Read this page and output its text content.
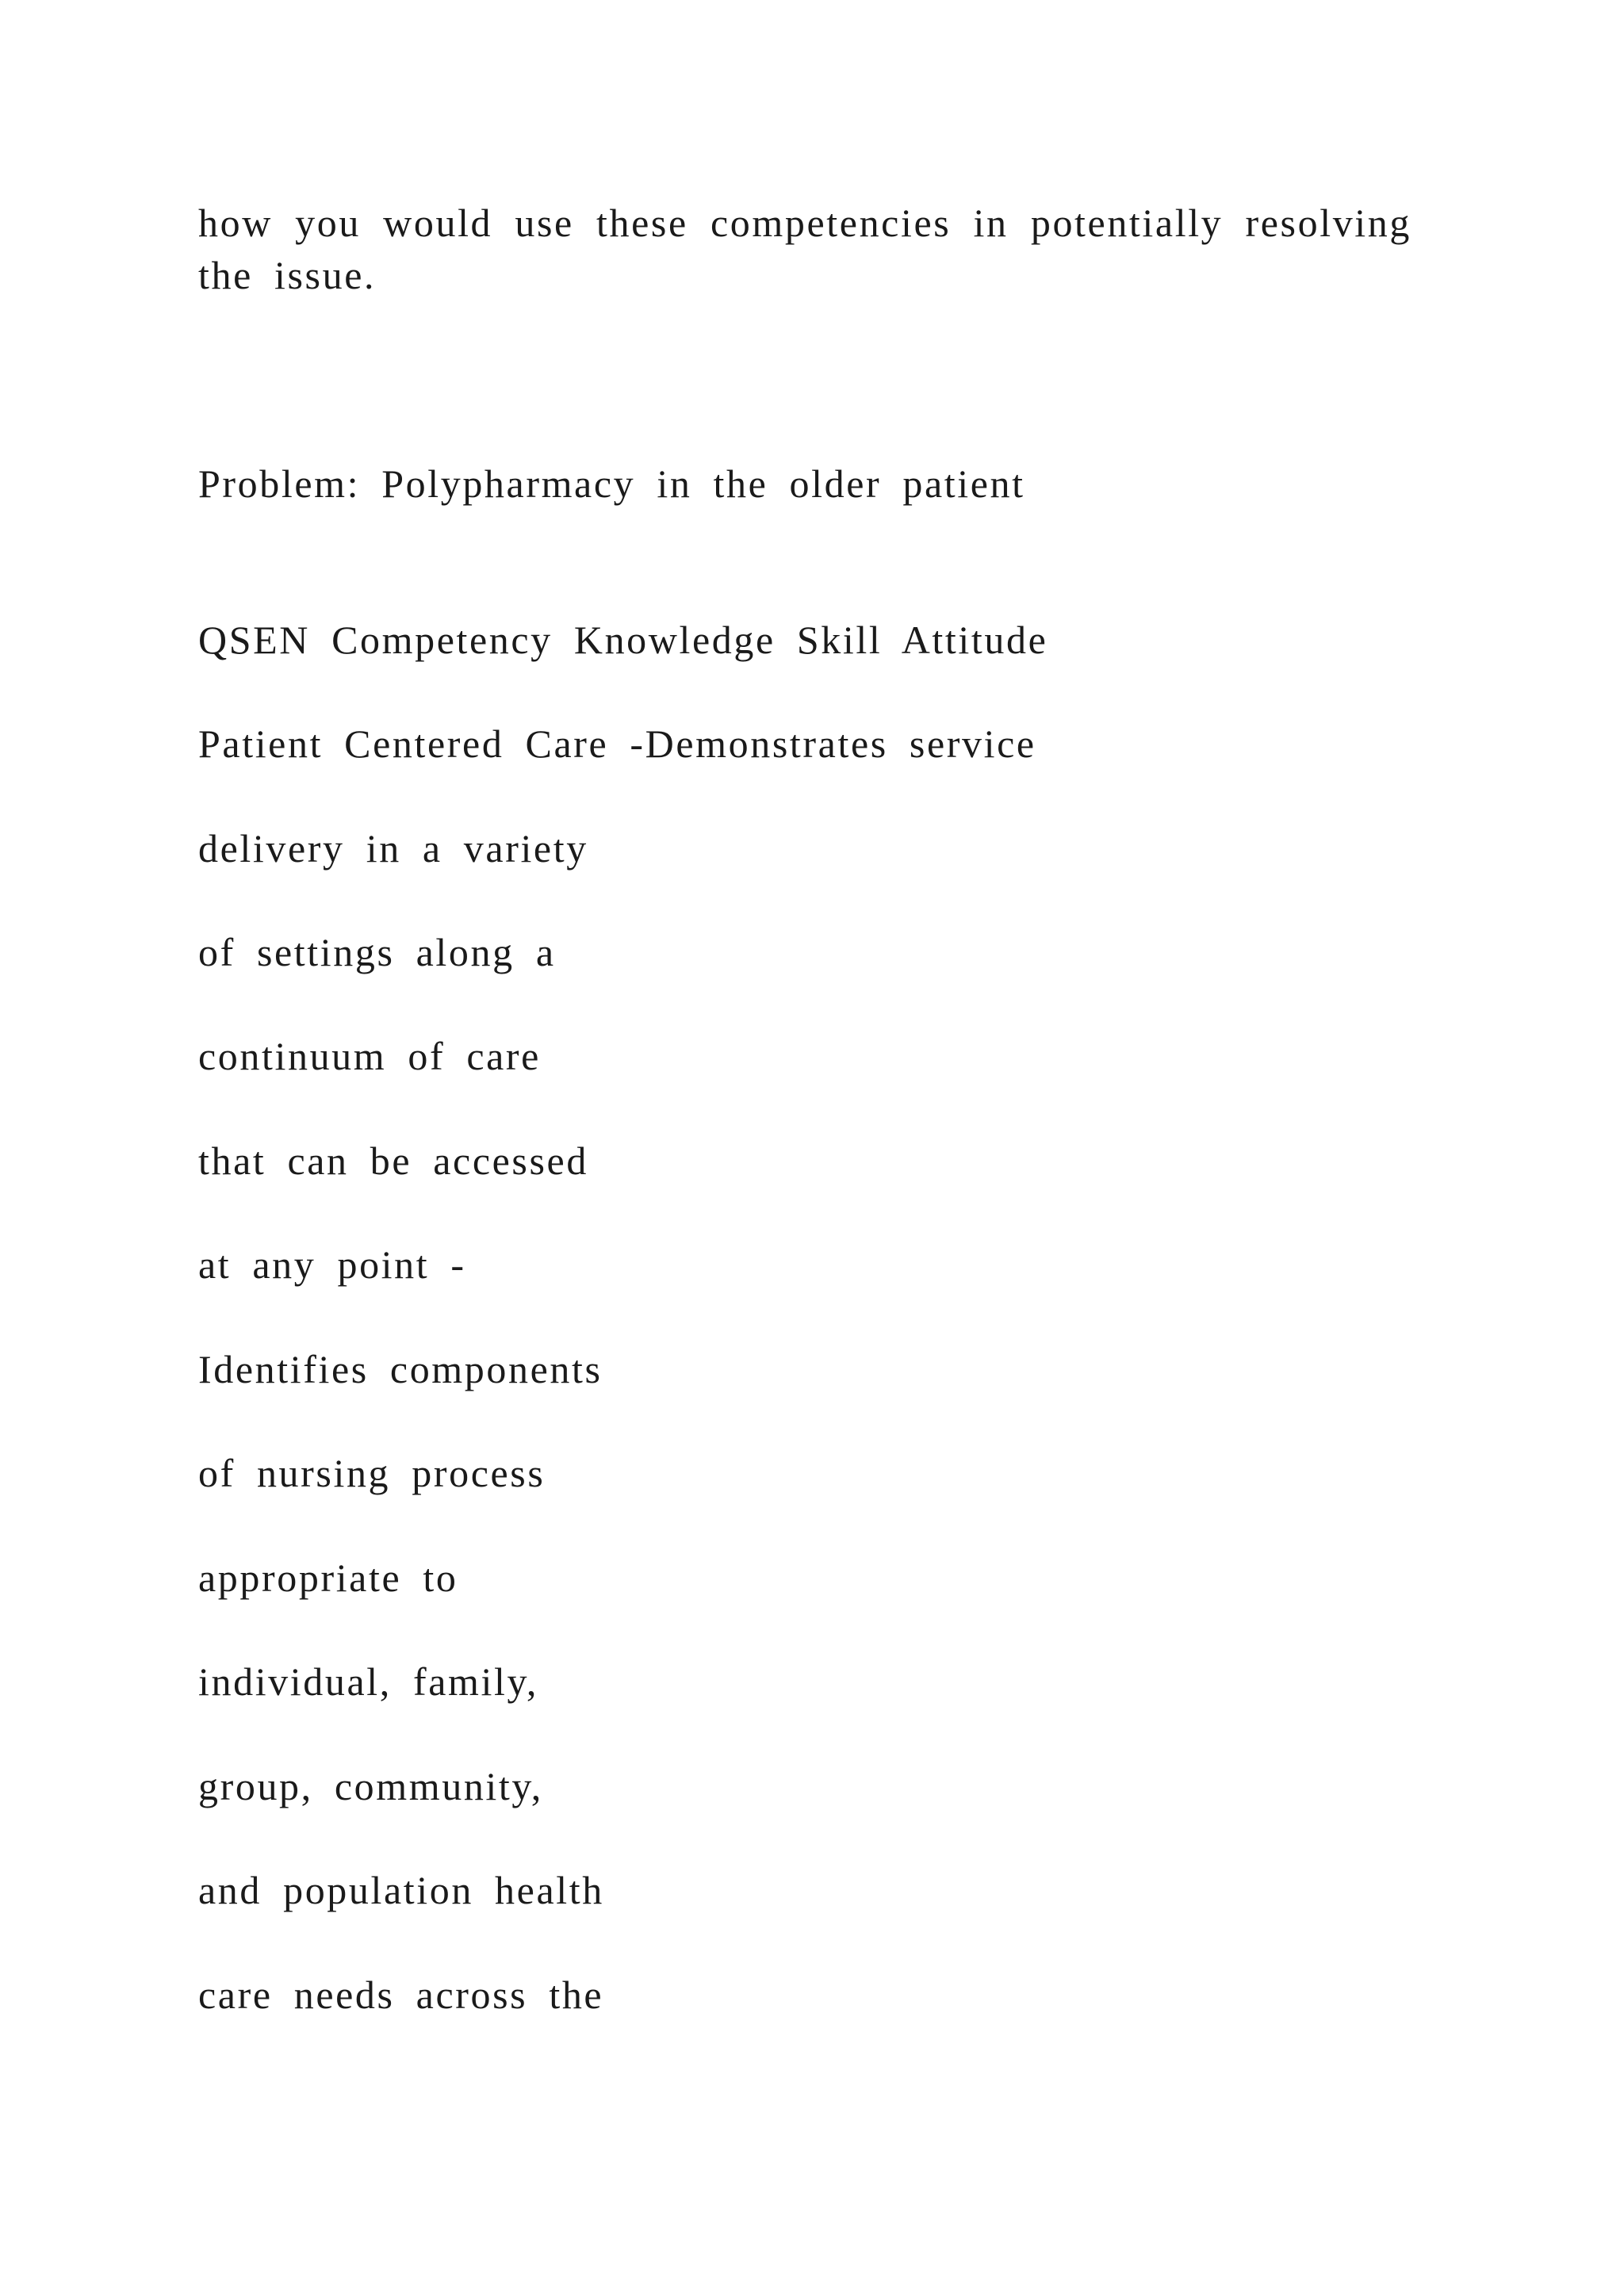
how you would use these competencies in potentially resolving the issue.

Problem: Polypharmacy in the older patient

QSEN Competency Knowledge Skill Attitude

Patient Centered Care -Demonstrates service

delivery in a variety

of settings along a

continuum of care

that can be accessed

at any point -

Identifies components

of nursing process

appropriate to

individual, family,

group, community,

and population health

care needs across the
